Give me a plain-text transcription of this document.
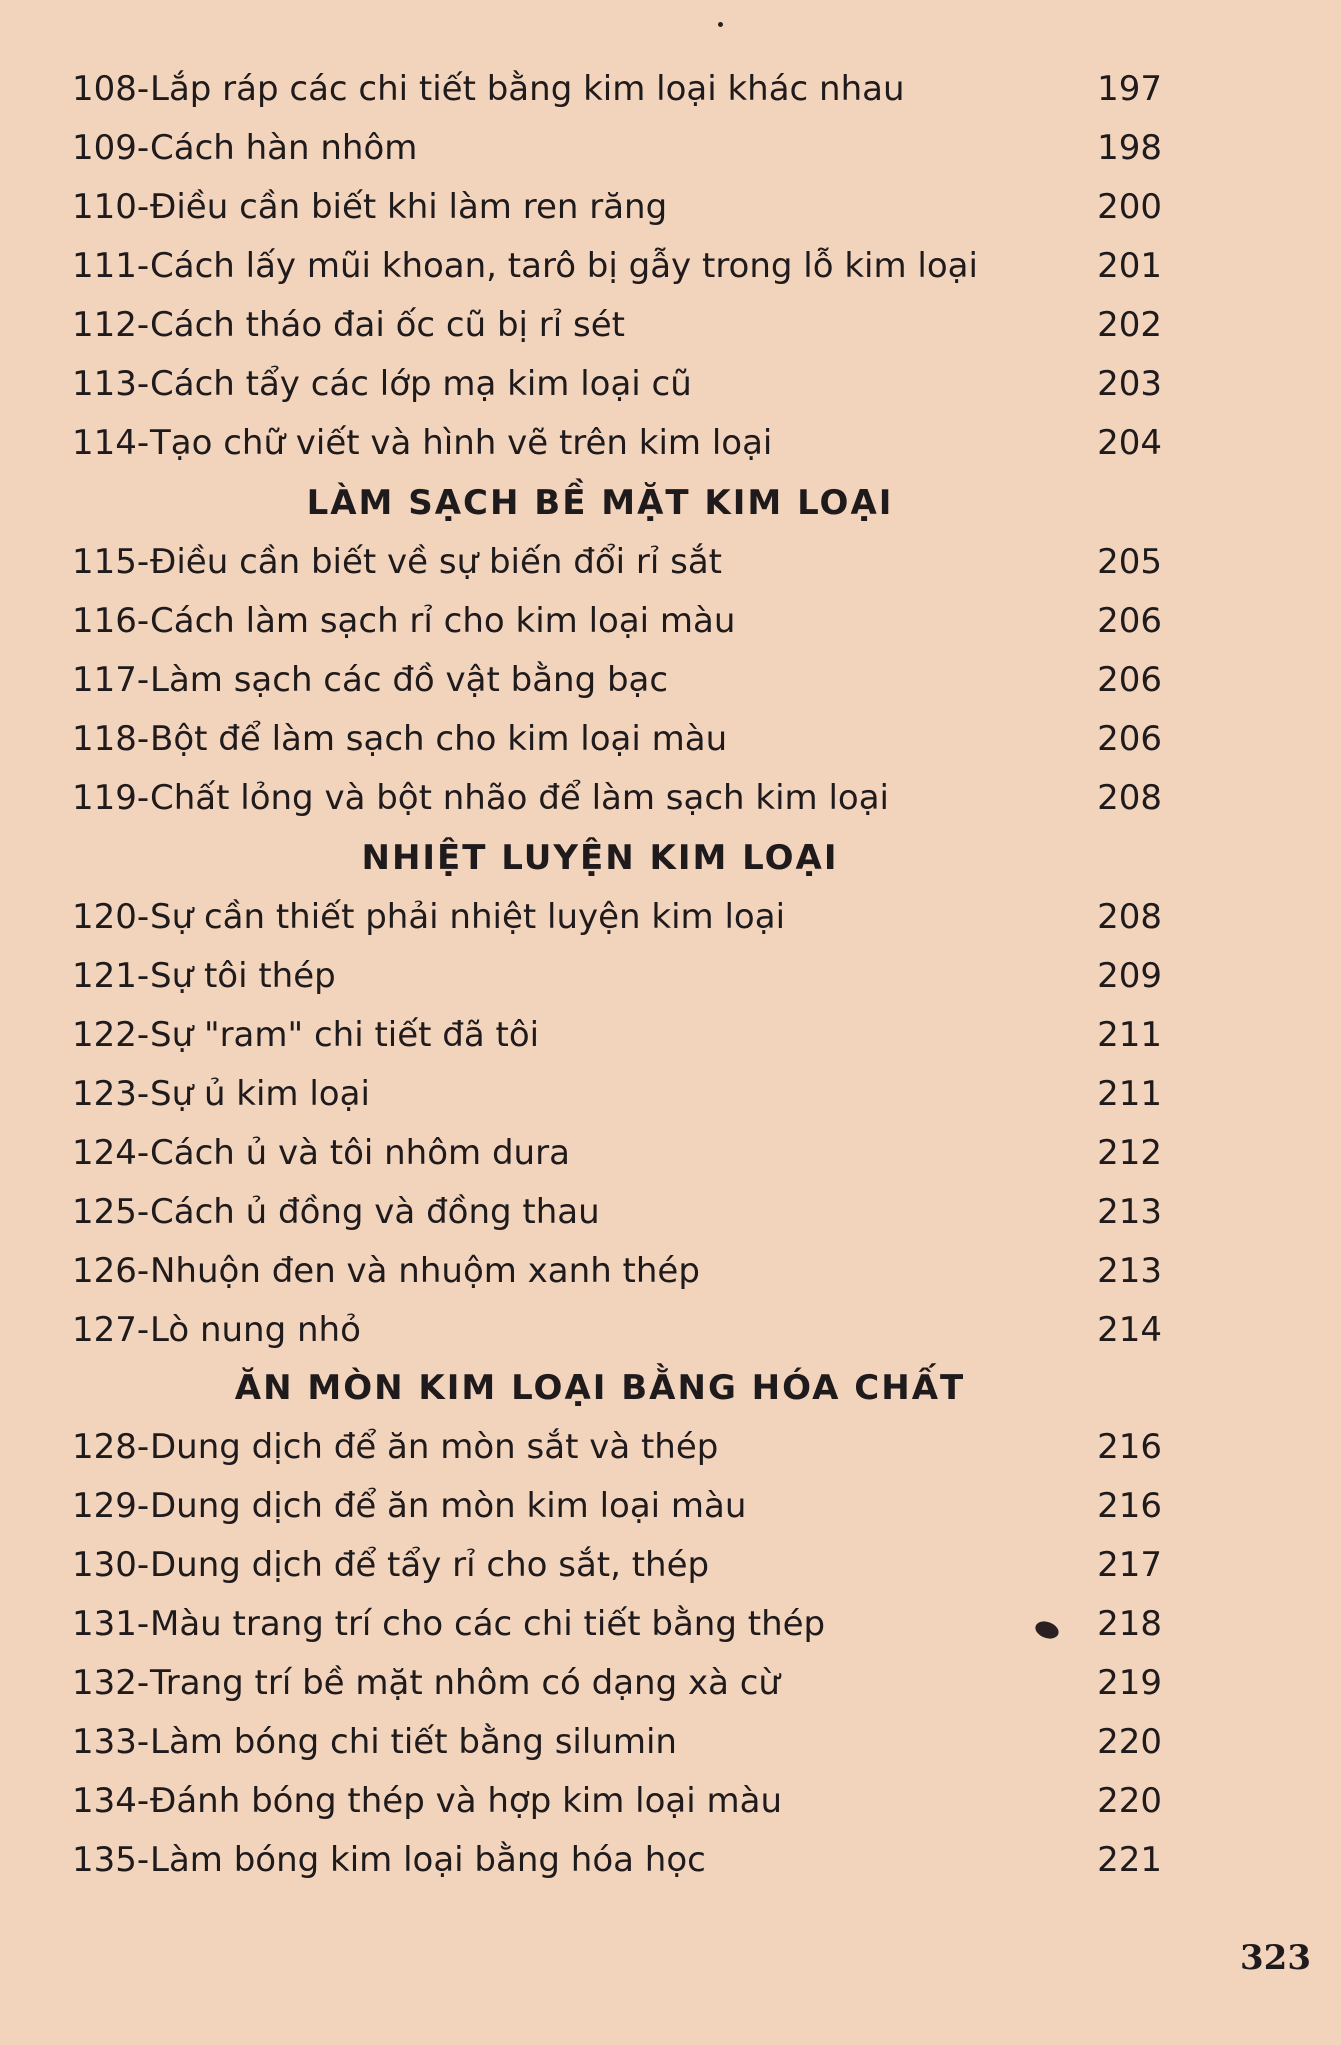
108-Lắp ráp các chi tiết bằng kim loại khác nhau	197
109-Cách hàn nhôm	198
110-Điều cần biết khi làm ren răng	200
111-Cách lấy mũi khoan, tarô bị gẫy trong lỗ kim loại	201
112-Cách tháo đai ốc cũ bị rỉ sét	202
113-Cách tẩy các lớp mạ kim loại cũ	203
114-Tạo chữ viết và hình vẽ trên kim loại	204
LÀM SẠCH BỀ MẶT KIM LOẠI
115-Điều cần biết về sự biến đổi rỉ sắt	205
116-Cách làm sạch rỉ cho kim loại màu	206
117-Làm sạch các đồ vật bằng bạc	206
118-Bột để làm sạch cho kim loại màu	206
119-Chất lỏng và bột nhão để làm sạch kim loại	208
NHIỆT LUYỆN KIM LOẠI
120-Sự cần thiết phải nhiệt luyện kim loại	208
121-Sự tôi thép	209
122-Sự "ram" chi tiết đã tôi	211
123-Sự ủ kim loại	211
124-Cách ủ và tôi nhôm dura	212
125-Cách ủ đồng và đồng thau	213
126-Nhuộn đen và nhuộm xanh thép	213
127-Lò nung nhỏ	214
ĂN MÒN KIM LOẠI BẰNG HÓA CHẤT
128-Dung dịch để ăn mòn sắt và thép	216
129-Dung dịch để ăn mòn kim loại màu	216
130-Dung dịch để tẩy rỉ cho sắt, thép	217
131-Màu trang trí cho các chi tiết bằng thép	218
132-Trang trí bề mặt nhôm có dạng xà cừ	219
133-Làm bóng chi tiết bằng silumin	220
134-Đánh bóng thép và hợp kim loại màu	220
135-Làm bóng kim loại bằng hóa học	221
323
